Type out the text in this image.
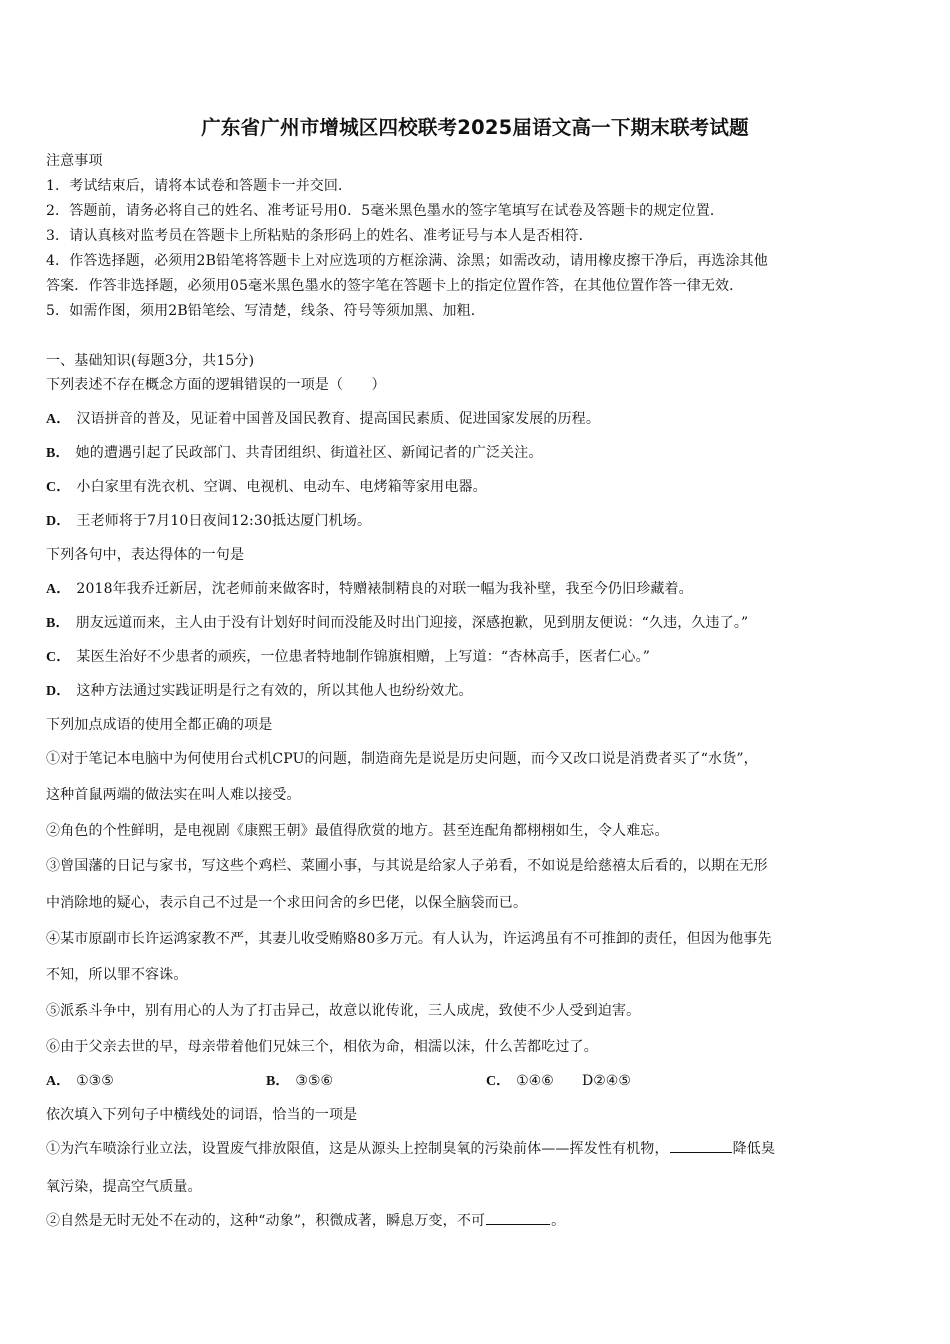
广东省广州市增城区四校联考2025届语文高一下期末联考试题
注意事项
1．考试结束后，请将本试卷和答题卡一并交回．
2．答题前，请务必将自己的姓名、准考证号用0．5毫米黑色墨水的签字笔填写在试卷及答题卡的规定位置．
3．请认真核对监考员在答题卡上所粘贴的条形码上的姓名、准考证号与本人是否相符．
4．作答选择题，必须用2B铅笔将答题卡上对应选项的方框涂满、涂黑；如需改动，请用橡皮擦干净后，再选涂其他
答案．作答非选择题，必须用05毫米黑色墨水的签字笔在答题卡上的指定位置作答，在其他位置作答一律无效．
5．如需作图，须用2B铅笔绘、写清楚，线条、符号等须加黑、加粗．
一、基础知识(每题3分，共15分)
下列表述不存在概念方面的逻辑错误的一项是（　　）
A． 汉语拼音的普及，见证着中国普及国民教育、提高国民素质、促进国家发展的历程。
B． 她的遭遇引起了民政部门、共青团组织、街道社区、新闻记者的广泛关注。
C． 小白家里有洗衣机、空调、电视机、电动车、电烤箱等家用电器。
D． 王老师将于7月10日夜间12:30抵达厦门机场。
下列各句中，表达得体的一句是
A． 2018年我乔迁新居，沈老师前来做客时，特赠裱制精良的对联一幅为我补壁，我至今仍旧珍藏着。
B． 朋友远道而来，主人由于没有计划好时间而没能及时出门迎接，深感抱歉，见到朋友便说：“久违，久违了。”
C． 某医生治好不少患者的顽疾，一位患者特地制作锦旗相赠，上写道：“杏林高手，医者仁心。”
D． 这种方法通过实践证明是行之有效的，所以其他人也纷纷效尤。
下列加点成语的使用全都正确的项是
①对于笔记本电脑中为何使用台式机CPU的问题，制造商先是说是历史问题，而今又改口说是消费者买了“水货”，
这种首鼠两端的做法实在叫人难以接受。
②角色的个性鲜明，是电视剧《康熙王朝》最值得欣赏的地方。甚至连配角都栩栩如生，令人难忘。
③曾国藩的日记与家书，写这些个鸡栏、菜圃小事，与其说是给家人子弟看，不如说是给慈禧太后看的，以期在无形
中消除地的疑心，表示自己不过是一个求田问舍的乡巴佬，以保全脑袋而已。
④某市原副市长许运鸿家教不严，其妻儿收受贿赂80多万元。有人认为，许运鸿虽有不可推卸的责任，但因为他事先
不知，所以罪不容诛。
⑤派系斗争中，别有用心的人为了打击异己，故意以讹传讹，三人成虎，致使不少人受到迫害。
⑥由于父亲去世的早，母亲带着他们兄妹三个，相依为命，相濡以沫，什么苦都吃过了。
A． ①③⑤	B． ③⑤⑥	C． ①④⑥ D②④⑤
依次填入下列句子中横线处的词语，恰当的一项是
①为汽车喷涂行业立法，设置废气排放限值，这是从源头上控制臭氧的污染前体——挥发性有机物，	降低臭
氧污染，提高空气质量。
②自然是无时无处不在动的，这种“动象”，积微成著，瞬息万变，不可	。
